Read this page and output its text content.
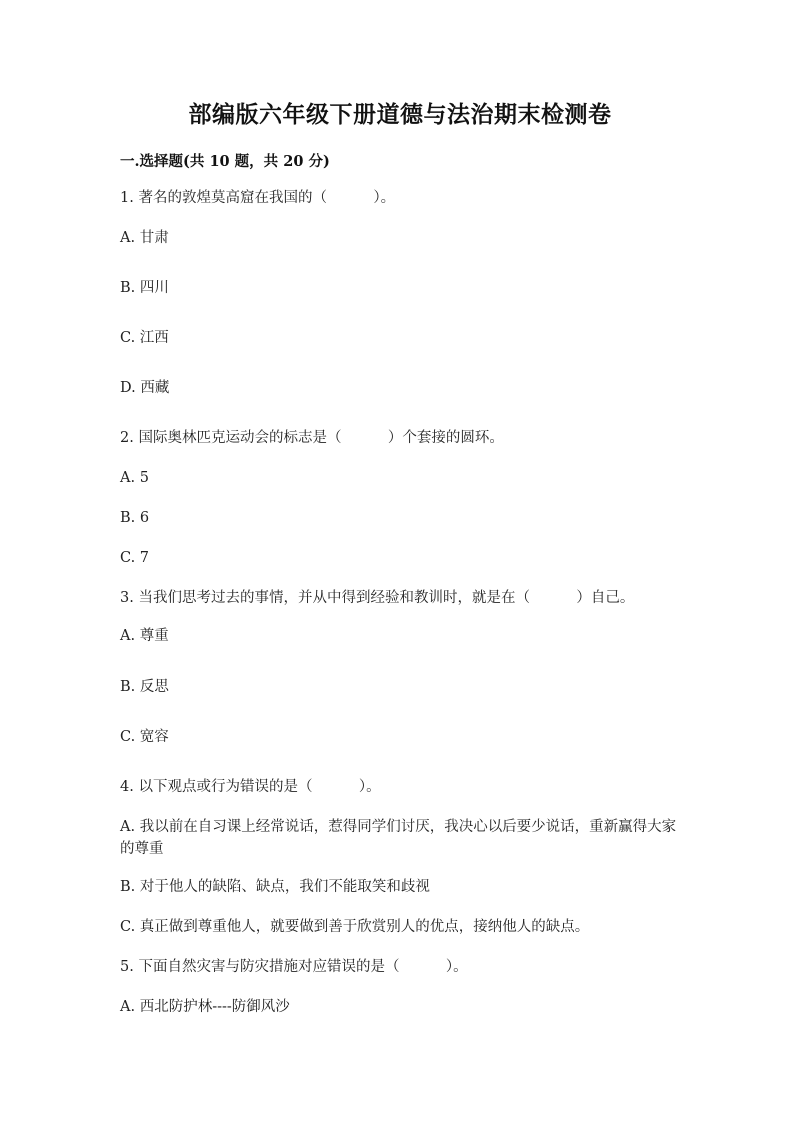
部编版六年级下册道德与法治期末检测卷
一.选择题(共 10 题，共 20 分)
1. 著名的敦煌莫高窟在我国的（	）。
A. 甘肃
B. 四川
C. 江西
D. 西藏
2. 国际奥林匹克运动会的标志是（	）个套接的圆环。
A. 5
B. 6
C. 7
3. 当我们思考过去的事情，并从中得到经验和教训时，就是在（	）自己。
A. 尊重
B. 反思
C. 宽容
4. 以下观点或行为错误的是（	）。
A. 我以前在自习课上经常说话，惹得同学们讨厌，我决心以后要少说话，重新赢得大家的尊重
B. 对于他人的缺陷、缺点，我们不能取笑和歧视
C. 真正做到尊重他人，就要做到善于欣赏别人的优点，接纳他人的缺点。
5. 下面自然灾害与防灾措施对应错误的是（	）。
A. 西北防护林----防御风沙
